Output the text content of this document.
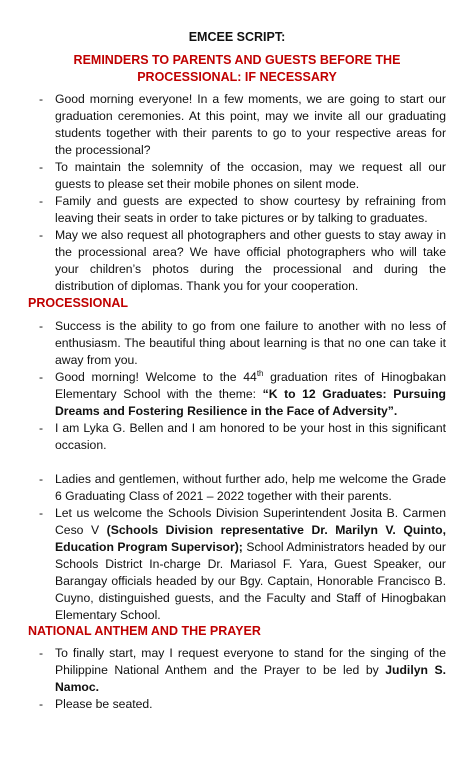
EMCEE SCRIPT:
REMINDERS TO PARENTS AND GUESTS BEFORE THE
PROCESSIONAL: IF NECESSARY
- Good morning everyone! In a few moments, we are going to start our graduation ceremonies. At this point, may we invite all our graduating students together with their parents to go to your respective areas for the processional?
- To maintain the solemnity of the occasion, may we request all our guests to please set their mobile phones on silent mode.
- Family and guests are expected to show courtesy by refraining from leaving their seats in order to take pictures or by talking to graduates.
- May we also request all photographers and other guests to stay away in the processional area? We have official photographers who will take your children’s photos during the processional and during the distribution of diplomas. Thank you for your cooperation.
PROCESSIONAL
- Success is the ability to go from one failure to another with no less of enthusiasm. The beautiful thing about learning is that no one can take it away from you.
- Good morning! Welcome to the 44th graduation rites of Hinogbakan Elementary School with the theme: “K to 12 Graduates: Pursuing Dreams and Fostering Resilience in the Face of Adversity”.
- I am Lyka G. Bellen and I am honored to be your host in this significant occasion.
- Ladies and gentlemen, without further ado, help me welcome the Grade 6 Graduating Class of 2021 – 2022 together with their parents.
- Let us welcome the Schools Division Superintendent Josita B. Carmen Ceso V (Schools Division representative Dr. Marilyn V. Quinto, Education Program Supervisor); School Administrators headed by our Schools District In-charge Dr. Mariasol F. Yara, Guest Speaker, our Barangay officials headed by our Bgy. Captain, Honorable Francisco B. Cuyno, distinguished guests, and the Faculty and Staff of Hinogbakan Elementary School.
NATIONAL ANTHEM AND THE PRAYER
- To finally start, may I request everyone to stand for the singing of the Philippine National Anthem and the Prayer to be led by Judilyn S. Namoc.
- Please be seated.
